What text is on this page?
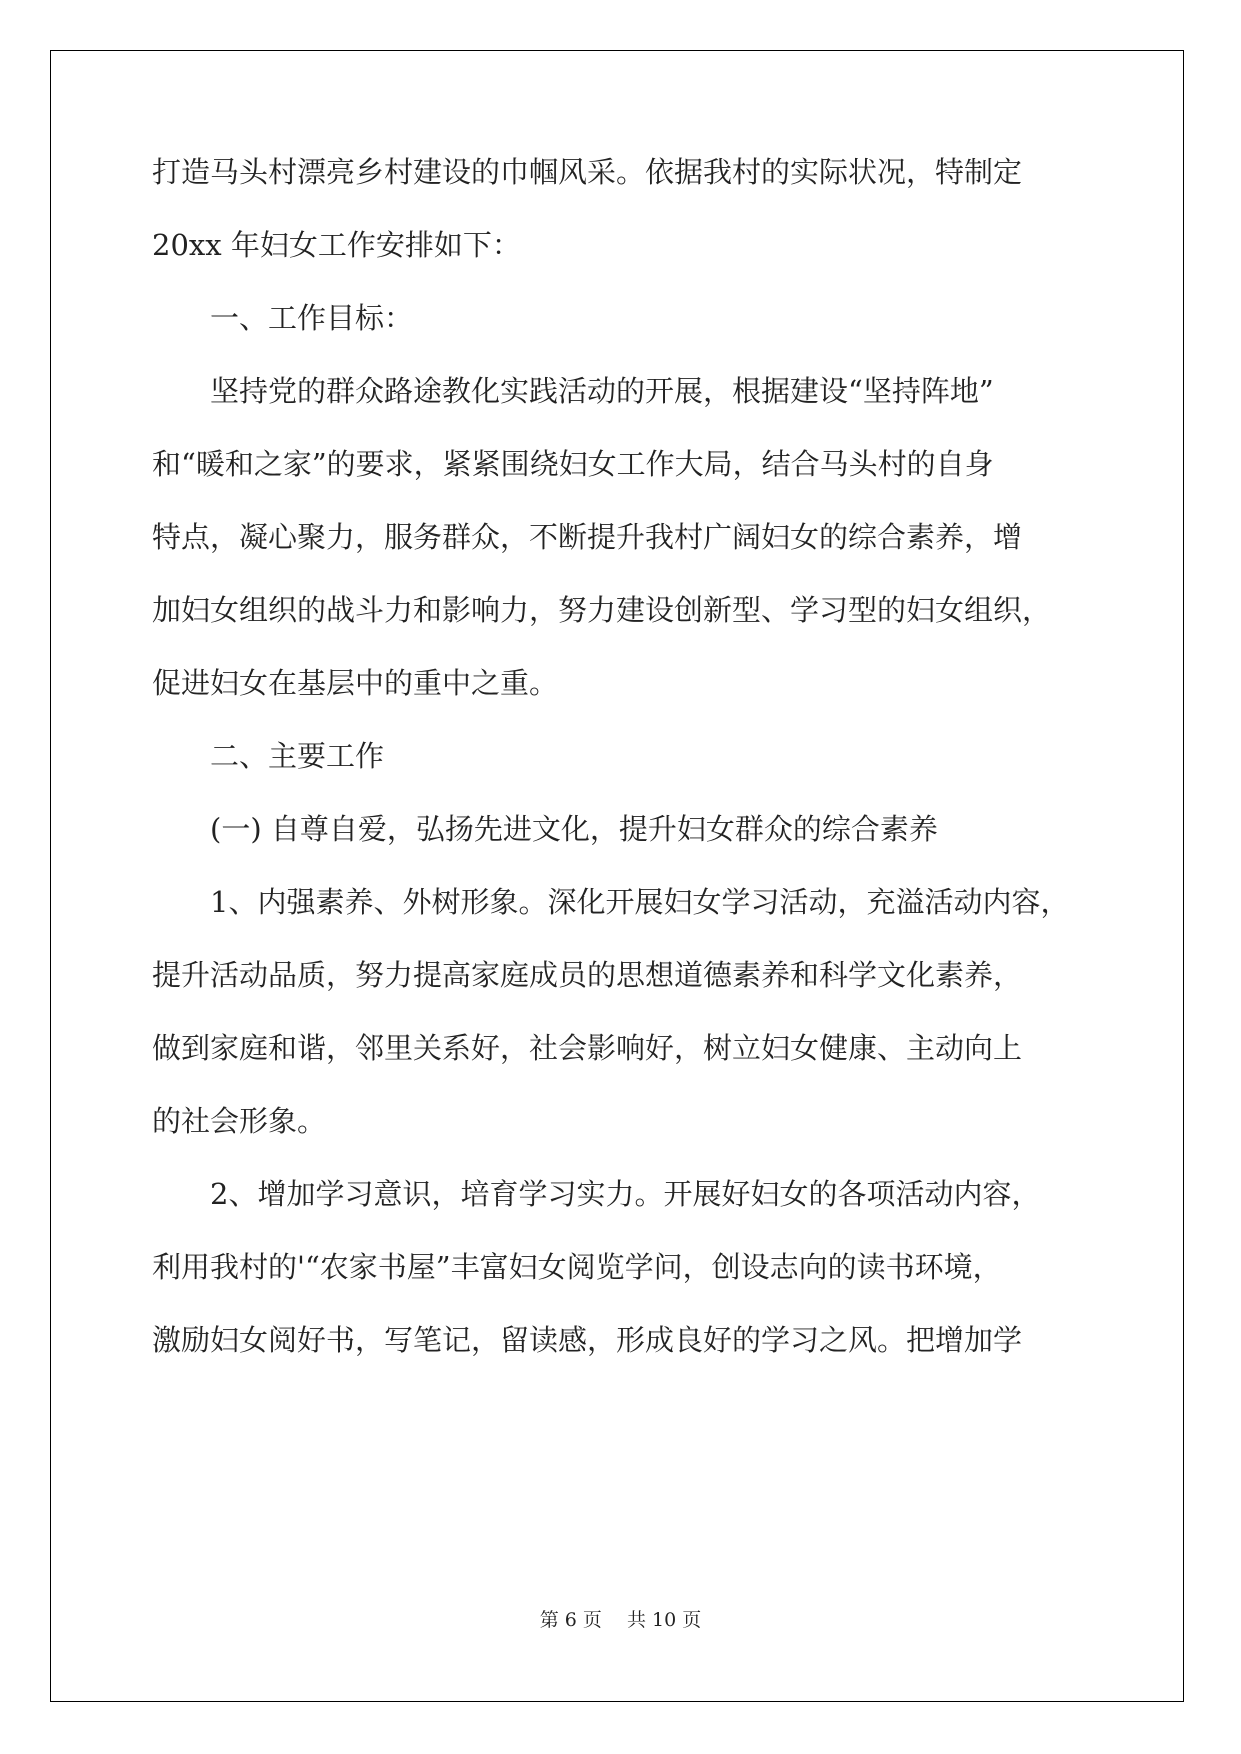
打造马头村漂亮乡村建设的巾帼风采。依据我村的实际状况，特制定
20xx 年妇女工作安排如下：
　　一、工作目标：
　　坚持党的群众路途教化实践活动的开展，根据建设“坚持阵地”
和“暖和之家”的要求，紧紧围绕妇女工作大局，结合马头村的自身
特点，凝心聚力，服务群众，不断提升我村广阔妇女的综合素养，增
加妇女组织的战斗力和影响力，努力建设创新型、学习型的妇女组织，
促进妇女在基层中的重中之重。
　　二、主要工作
　　(一) 自尊自爱，弘扬先进文化，提升妇女群众的综合素养
　　1、内强素养、外树形象。深化开展妇女学习活动，充溢活动内容，
提升活动品质，努力提高家庭成员的思想道德素养和科学文化素养，
做到家庭和谐，邻里关系好，社会影响好，树立妇女健康、主动向上
的社会形象。
　　2、增加学习意识，培育学习实力。开展好妇女的各项活动内容，
利用我村的'“农家书屋”丰富妇女阅览学问，创设志向的读书环境，
激励妇女阅好书，写笔记，留读感，形成良好的学习之风。把增加学
第 6 页　 共 10 页
